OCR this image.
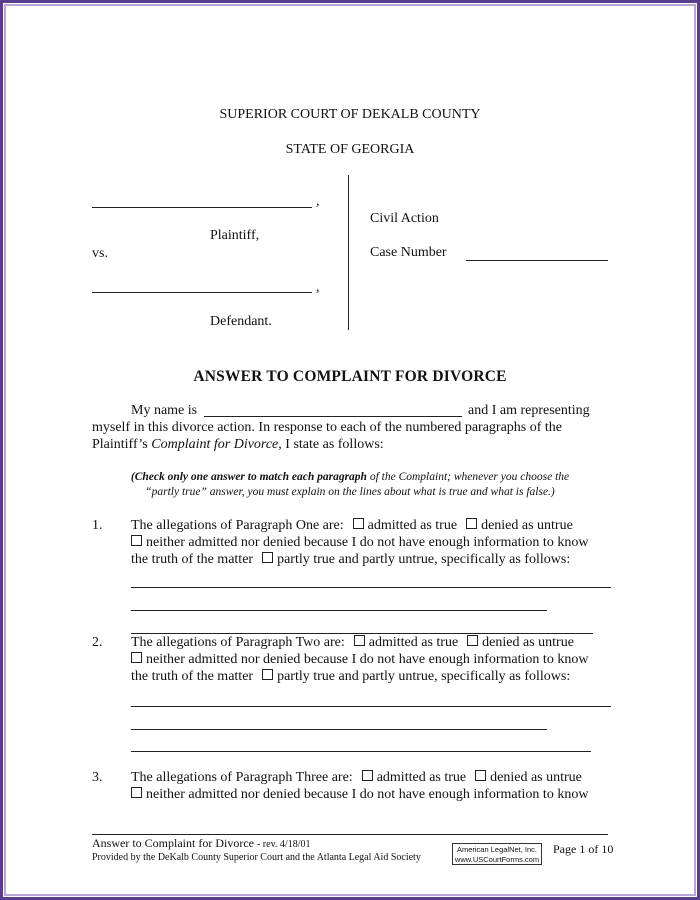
SUPERIOR COURT OF DEKALB COUNTY
STATE OF GEORGIA
,
Plaintiff,
vs.
,
Defendant.
Civil Action
Case Number
ANSWER TO COMPLAINT FOR DIVORCE
My name is	and I am representing
myself in this divorce action. In response to each of the numbered paragraphs of the
Plaintiff’s Complaint for Divorce, I state as follows:
(Check only one answer to match each paragraph of the Complaint; whenever you choose the
“partly true” answer, you must explain on the lines about what is true and what is false.)
1. The allegations of Paragraph One are: admitted as true denied as untrue
neither admitted nor denied because I do not have enough information to know
the truth of the matter partly true and partly untrue, specifically as follows:
2. The allegations of Paragraph Two are: admitted as true denied as untrue
neither admitted nor denied because I do not have enough information to know
the truth of the matter partly true and partly untrue, specifically as follows:
3. The allegations of Paragraph Three are: admitted as true denied as untrue
neither admitted nor denied because I do not have enough information to know
Answer to Complaint for Divorce - rev. 4/18/01
Provided by the DeKalb County Superior Court and the Atlanta Legal Aid Society
American LegalNet, Inc.
www.USCourtForms.com
Page 1 of 10
